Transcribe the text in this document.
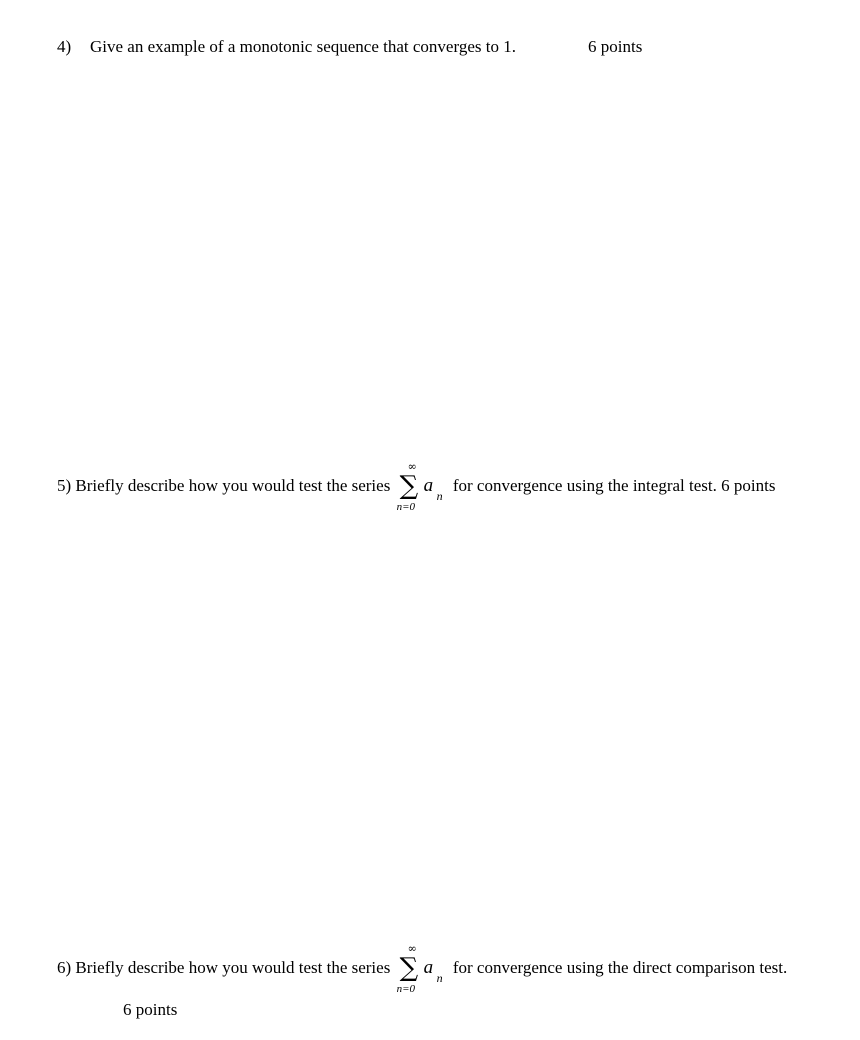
4) Give an example of a monotonic sequence that converges to 1.	6 points
5) Briefly describe how you would test the series
∞
∑
n=0
a n
for convergence using the integral test. 6 points
6) Briefly describe how you would test the series
∞
∑
n=0
a n
for convergence using the direct comparison test.
6 points
